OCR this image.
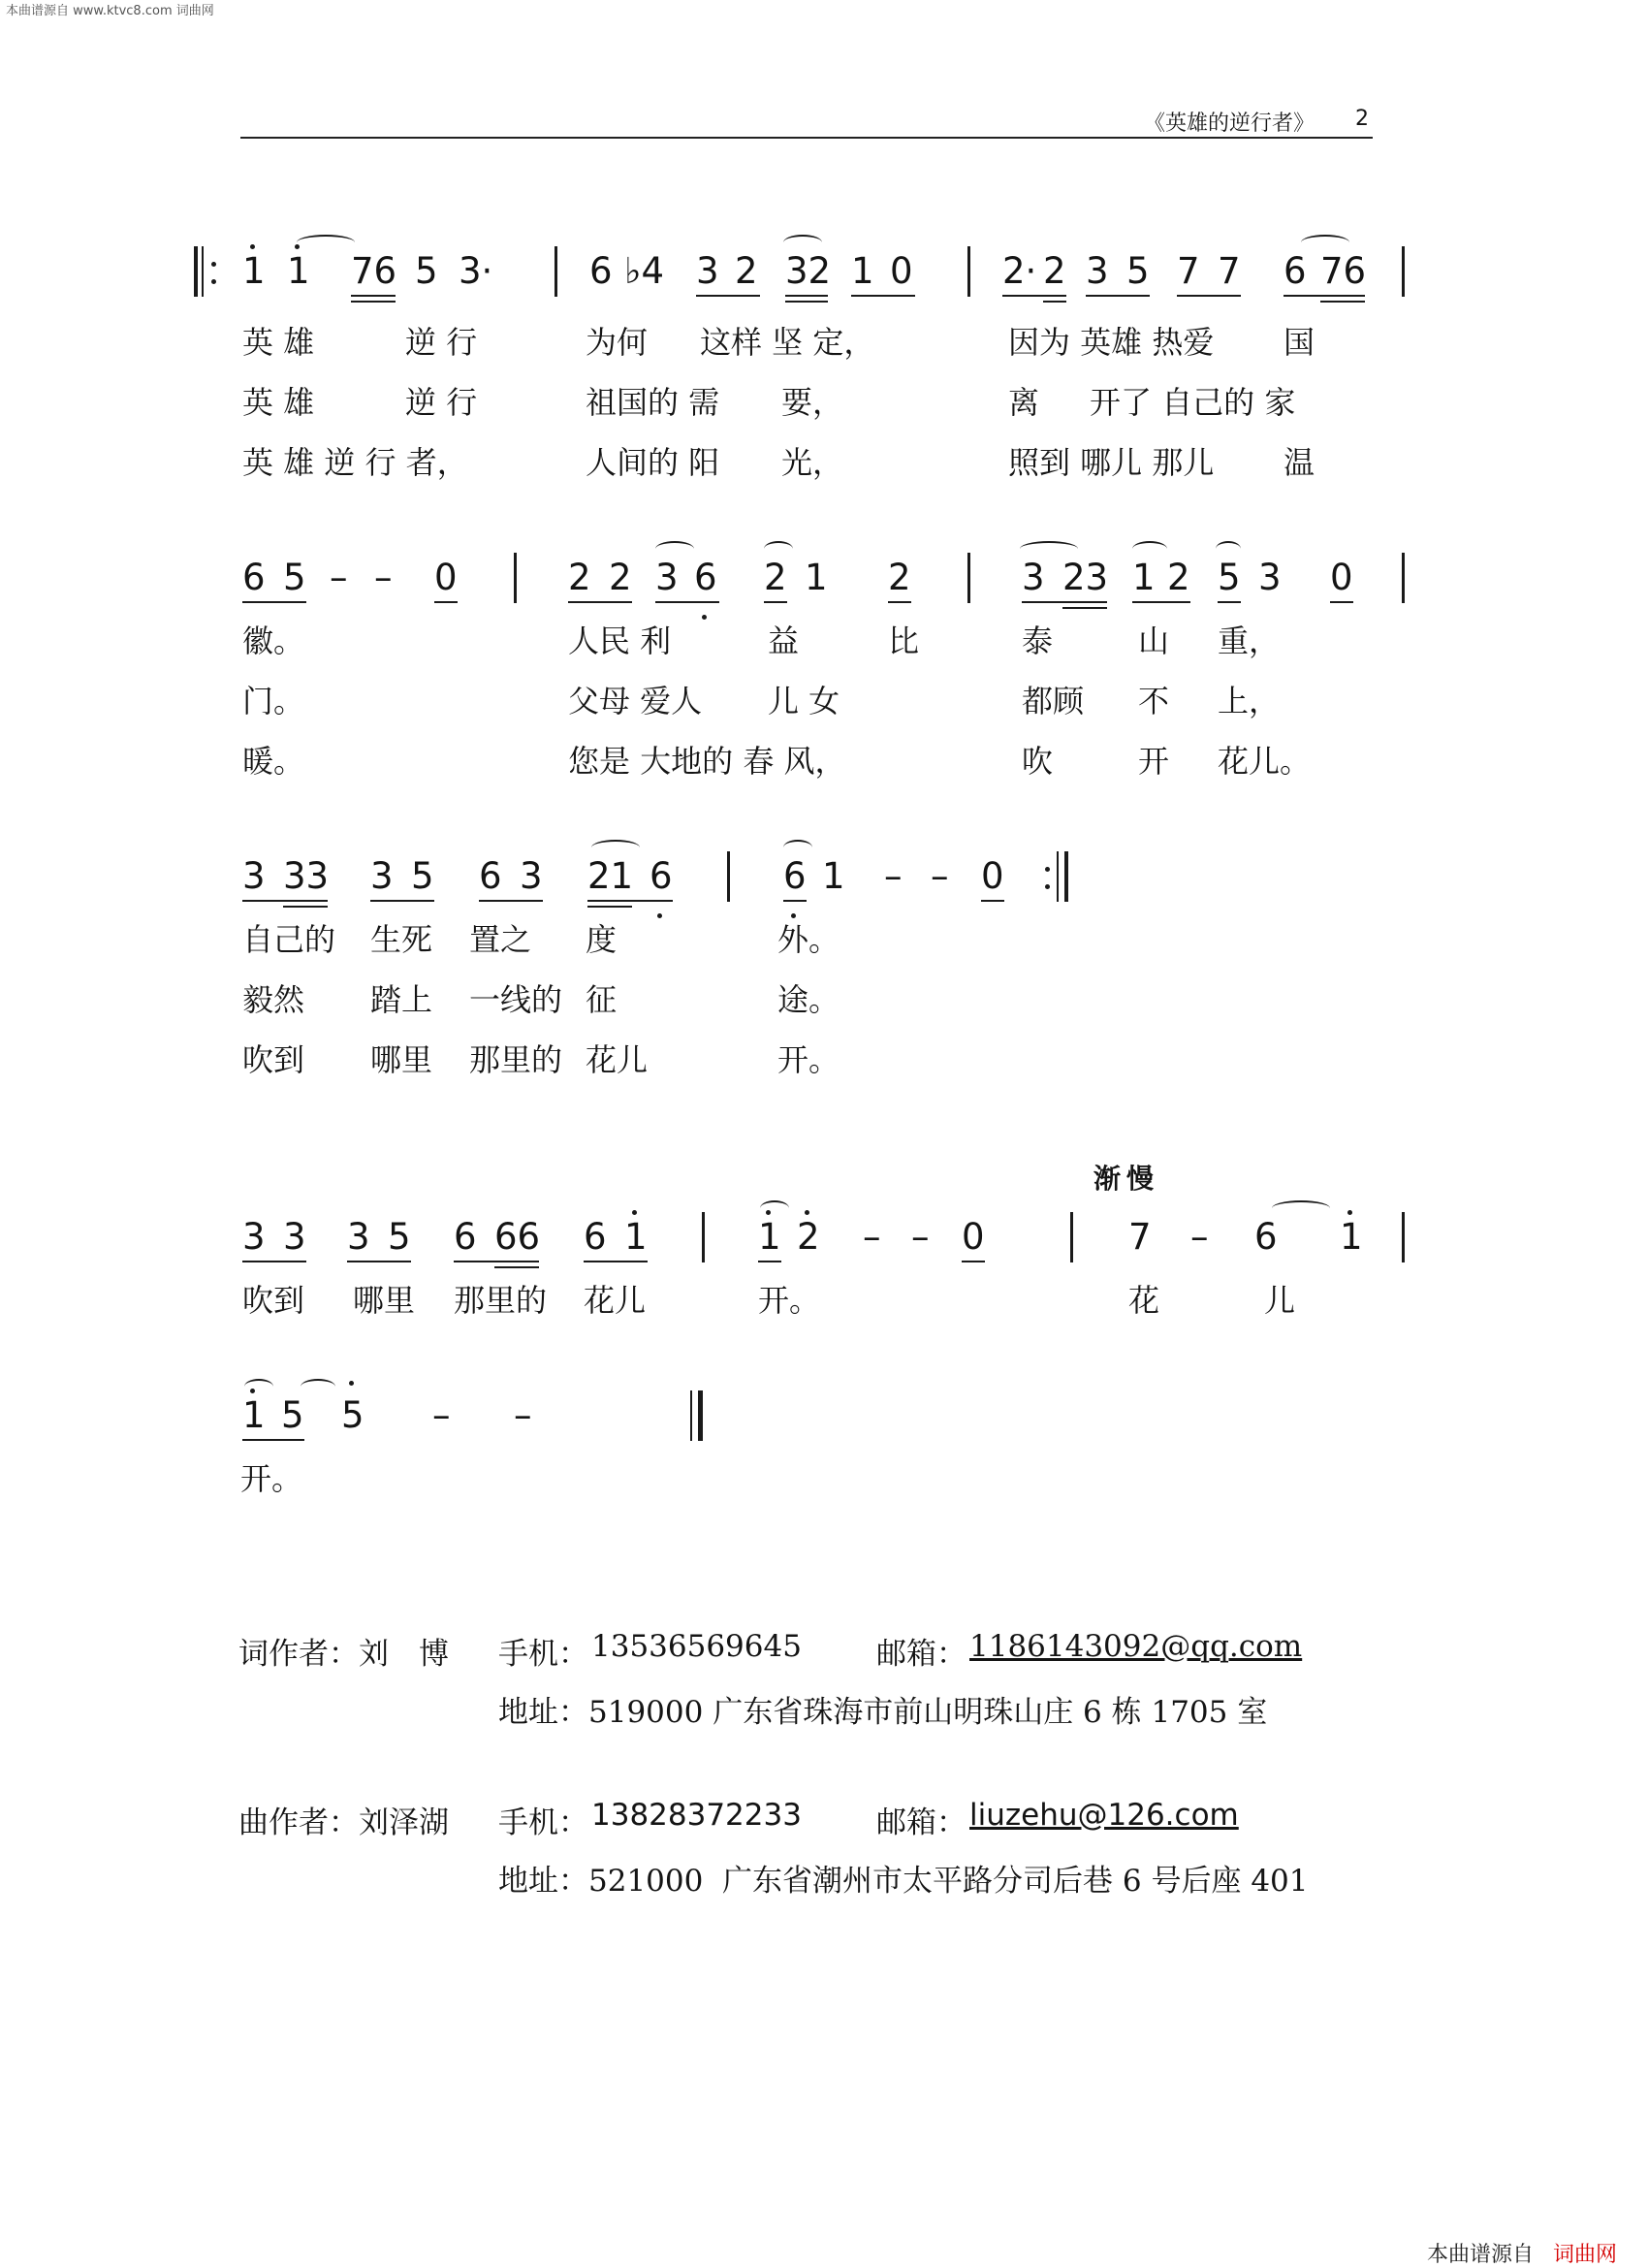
本曲谱源自 www.ktvc8.com 词曲网
《英雄的逆行者》 2
1 1 76 5 3·	6 ♭4 3 2 32 1 0 2· 2 3 5 7 7 6 76
英 雄	逆 行	为何 这样 坚 定，	因为 英雄 热爱 国
英 雄	逆 行	祖国的 需 要，	离 开了 自己的 家
英 雄 逆 行 者，	人间的 阳 光，	照到 哪儿 那儿 温
6 5 – – 0	2 2 3 6 2 1 2	3 23 1 2 5 3 0
徽。	人民 利	益	比	泰	山 重，
门。	父母 爱人 儿 女	都顾 不 上，
暖。	您是 大地的 春 风，	吹	开 花儿。
3 33 3 5 6 3 21 6	6 1 – – 0
自己的 生死 置之 度	外。
毅然 踏上 一线的 征	途。
吹到 哪里 那里的 花儿	开。
渐慢
3 3 3 5 6 66 6 1	1 2 – – 0	7 – 6 1
吹到 哪里 那里的 花儿	开。	花	儿
1 5 5 – –
开。
词作者：刘　博 手机： 13536569645 邮箱： 1186143092@qq.com
地址：519000 广东省珠海市前山明珠山庄 6 栋 1705 室
曲作者：刘泽湖 手机： 13828372233 邮箱： liuzehu@126.com
地址：521000  广东省潮州市太平路分司后巷 6 号后座 401
本曲谱源自 词曲网
